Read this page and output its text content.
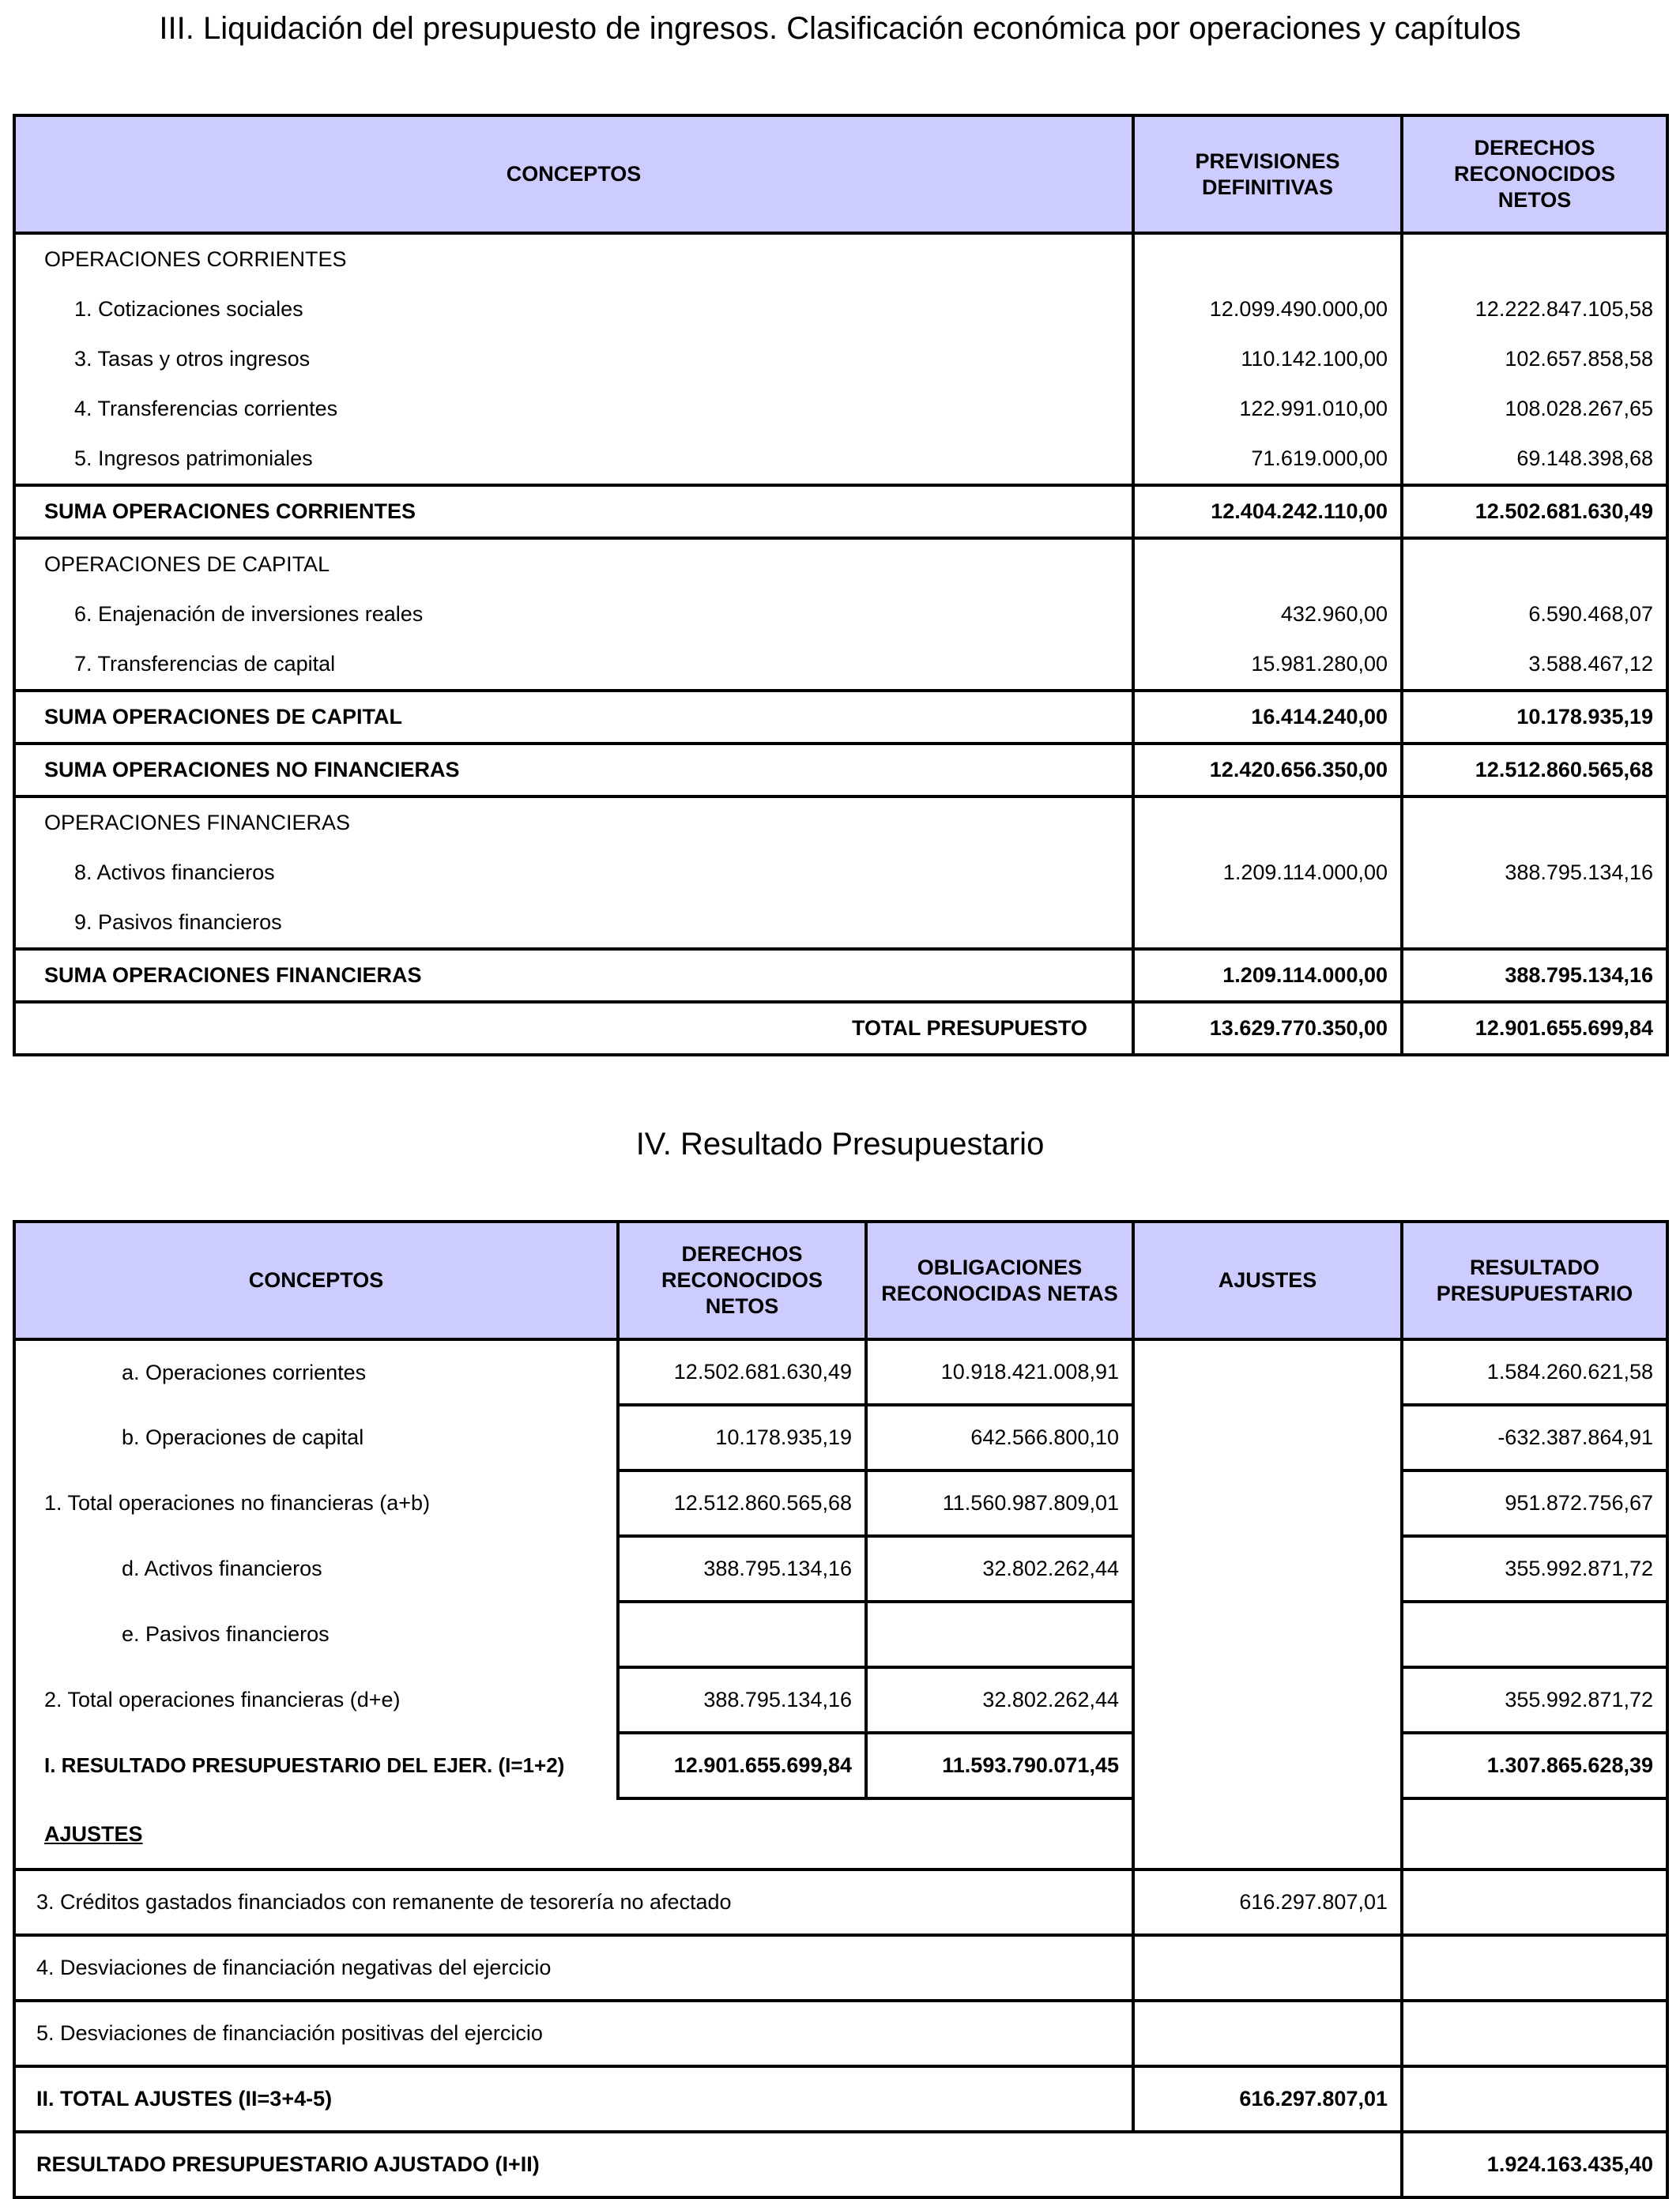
III. Liquidación del presupuesto de ingresos. Clasificación económica por operaciones y capítulos
CONCEPTOS	PREVISIONES DEFINITIVAS	DERECHOS RECONOCIDOS NETOS
OPERACIONES CORRIENTES		
1. Cotizaciones sociales	12.099.490.000,00	12.222.847.105,58
3. Tasas y otros ingresos	110.142.100,00	102.657.858,58
4. Transferencias corrientes	122.991.010,00	108.028.267,65
5. Ingresos patrimoniales	71.619.000,00	69.148.398,68
SUMA OPERACIONES CORRIENTES	12.404.242.110,00	12.502.681.630,49
OPERACIONES DE CAPITAL		
6. Enajenación de inversiones reales	432.960,00	6.590.468,07
7. Transferencias de capital	15.981.280,00	3.588.467,12
SUMA OPERACIONES DE CAPITAL	16.414.240,00	10.178.935,19
SUMA OPERACIONES NO FINANCIERAS	12.420.656.350,00	12.512.860.565,68
OPERACIONES FINANCIERAS		
8. Activos financieros	1.209.114.000,00	388.795.134,16
9. Pasivos financieros		
SUMA OPERACIONES FINANCIERAS	1.209.114.000,00	388.795.134,16
TOTAL PRESUPUESTO	13.629.770.350,00	12.901.655.699,84
IV. Resultado Presupuestario
CONCEPTOS	DERECHOS RECONOCIDOS NETOS	OBLIGACIONES RECONOCIDAS NETAS	AJUSTES	RESULTADO PRESUPUESTARIO
a. Operaciones corrientes	12.502.681.630,49	10.918.421.008,91		1.584.260.621,58
b. Operaciones de capital	10.178.935,19	642.566.800,10		-632.387.864,91
1. Total operaciones no financieras (a+b)	12.512.860.565,68	11.560.987.809,01		951.872.756,67
d. Activos financieros	388.795.134,16	32.802.262,44		355.992.871,72
e. Pasivos financieros				
2. Total operaciones financieras (d+e)	388.795.134,16	32.802.262,44		355.992.871,72
I. RESULTADO PRESUPUESTARIO DEL EJER. (I=1+2)	12.901.655.699,84	11.593.790.071,45		1.307.865.628,39
AJUSTES				
3. Créditos gastados financiados con remanente de tesorería no afectado			616.297.807,01	
4. Desviaciones de financiación negativas del ejercicio				
5. Desviaciones de financiación positivas del ejercicio				
II. TOTAL AJUSTES (II=3+4-5)			616.297.807,01	
RESULTADO PRESUPUESTARIO AJUSTADO (I+II)				1.924.163.435,40
